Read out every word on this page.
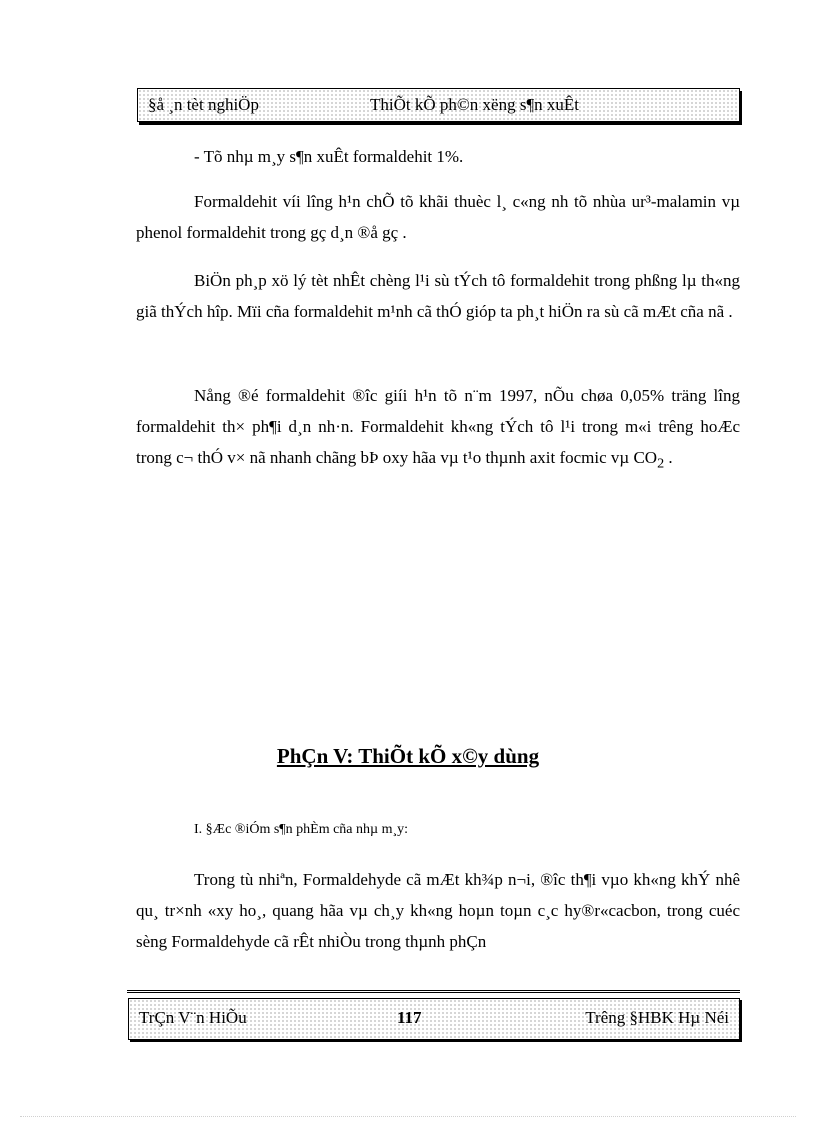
§å ¸n tèt nghiÖp	ThiÕt kÕ ph©n xëng s¶n xuÊt

- Tõ nhµ m¸y s¶n xuÊt formaldehit 1%.

Formaldehit víi lîng h¹n chÕ tõ khãi thuèc l¸ c«ng nh tõ nhùa ur³-malamin vµ phenol formaldehit trong gç d¸n ®å gç .

BiÖn ph¸p xö lý tèt nhÊt chèng l¹i sù tÝch tô formaldehit trong phßng lµ th«ng giã thÝch hîp. Mïi cña formaldehit m¹nh cã thÓ gióp ta ph¸t hiÖn ra sù cã mÆt cña nã .

Nång ®é formaldehit ®îc giíi h¹n tõ n¨m 1997, nÕu chøa 0,05% träng lîng formaldehit th× ph¶i d¸n nh·n. Formaldehit kh«ng tÝch tô l¹i trong m«i trêng hoÆc trong c¬ thÓ v× nã nhanh chãng bÞ oxy hãa vµ t¹o thµnh axit focmic vµ $CO_2$ .

PhÇn V: ThiÕt kÕ x©y dùng

I. §Æc ®iÓm s¶n phÈm cña nhµ m¸y:

Trong tù nhiªn, Formaldehyde cã mÆt kh¾p n¬i, ®îc th¶i vµo kh«ng khÝ nhê qu¸ tr×nh «xy ho¸, quang hãa vµ ch¸y kh«ng hoµn toµn c¸c hy®r«cacbon, trong cuéc sèng Formaldehyde cã rÊt nhiÒu trong thµnh phÇn

TrÇn V¨n HiÕu	117	Trêng §HBK Hµ Néi
